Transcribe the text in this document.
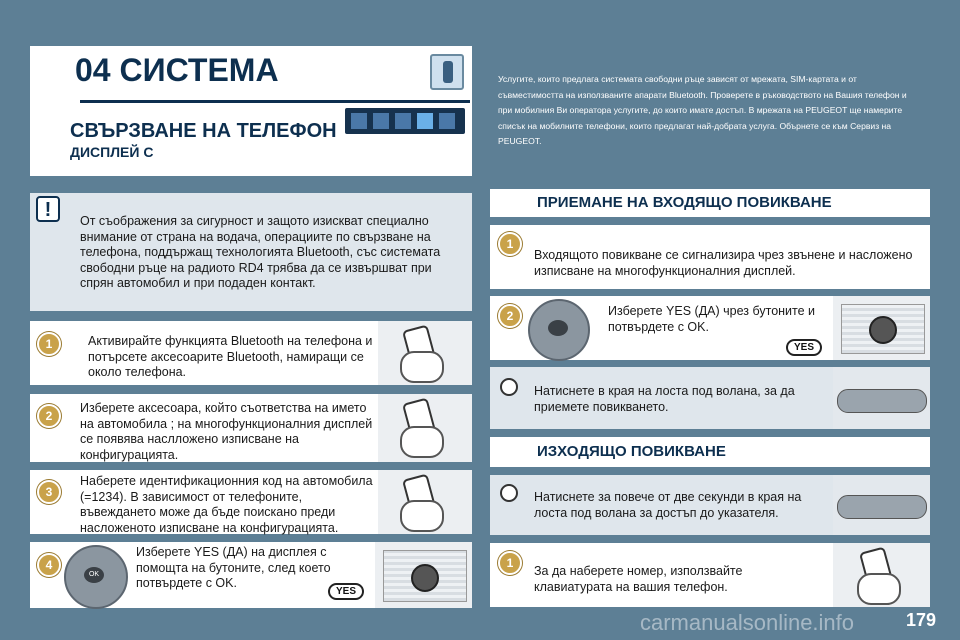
04 СИСТЕМА
СВЪРЗВАНЕ НА ТЕЛЕФОН
ДИСПЛЕЙ C
Услугите, които предлага системата свободни ръце зависят от мрежата, SIM-картата и от съвместимостта на използваните апарати Bluetooth. Проверете в ръководството на Вашия телефон и при мобилния Ви оператора услугите, до които имате достъп. В мрежата на PEUGEOT ще намерите списък на мобилните телефони, които предлагат най-добрата услуга. Обърнете се към Сервиз на PEUGEOT.
!	От съображения за сигурност и защото изискват специално внимание от страна на водача, операциите по свързване на телефона, поддържащ технологията Bluetooth, със системата свободни ръце на радиото RD4 трябва да се извършват при спрян автомобил и при подаден контакт.
1	Активирайте функцията Bluetooth на телефона и потърсете аксесоарите Bluetooth, намиращи се около телефона.
2
Изберете аксесоара, който съответства на името на автомобила ; на многофункционалния дисплей се появява наслложено изписване на конфигурацията.
3
Наберете идентификационния код на автомобила (=1234). В зависимост от телефоните, въвеждането може да бъде поискано преди насложеното изписване на конфигурацията.
4
OK
Изберете YES (ДА) на дисплея с помощта на бутоните, след което потвърдете с OK.
YES
ПРИЕМАНЕ НА ВХОДЯЩО ПОВИКВАНЕ
1
Входящото повикване се сигнализира чрез звънене и насложено изписване на многофункционалния дисплей.
2	Изберете YES (ДА) чрез бутоните и потвърдете с OK.
YES
Натиснете в края на лоста под волана, за да приемете повикването.
ИЗХОДЯЩО ПОВИКВАНЕ
Натиснете за повече от две секунди в края на лоста под волана за достъп до указателя.
1
За да наберете номер, използвайте клавиатурата на вашия телефон.
179
carmanualsonline.info
